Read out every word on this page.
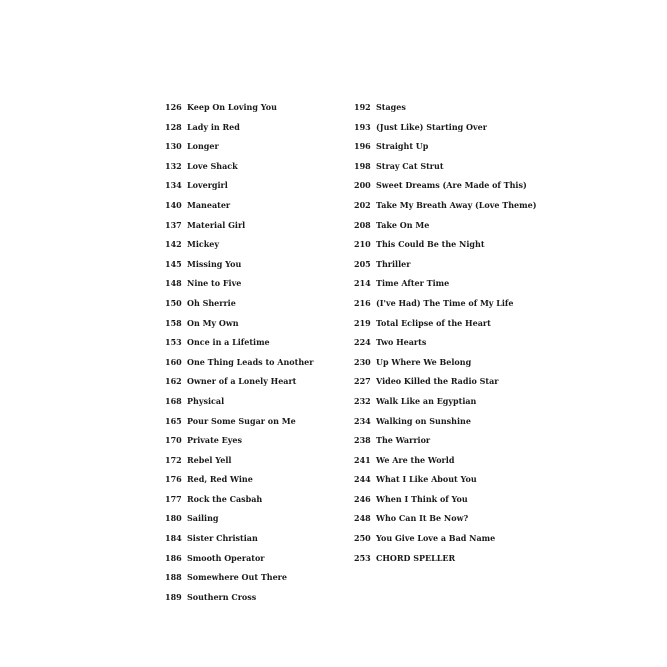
126 Keep On Loving You
128 Lady in Red
130 Longer
132 Love Shack
134 Lovergirl
140 Maneater
137 Material Girl
142 Mickey
145 Missing You
148 Nine to Five
150 Oh Sherrie
158 On My Own
153 Once in a Lifetime
160 One Thing Leads to Another
162 Owner of a Lonely Heart
168 Physical
165 Pour Some Sugar on Me
170 Private Eyes
172 Rebel Yell
176 Red, Red Wine
177 Rock the Casbah
180 Sailing
184 Sister Christian
186 Smooth Operator
188 Somewhere Out There
189 Southern Cross
192 Stages
193 (Just Like) Starting Over
196 Straight Up
198 Stray Cat Strut
200 Sweet Dreams (Are Made of This)
202 Take My Breath Away (Love Theme)
208 Take On Me
210 This Could Be the Night
205 Thriller
214 Time After Time
216 (I've Had) The Time of My Life
219 Total Eclipse of the Heart
224 Two Hearts
230 Up Where We Belong
227 Video Killed the Radio Star
232 Walk Like an Egyptian
234 Walking on Sunshine
238 The Warrior
241 We Are the World
244 What I Like About You
246 When I Think of You
248 Who Can It Be Now?
250 You Give Love a Bad Name
253 CHORD SPELLER
